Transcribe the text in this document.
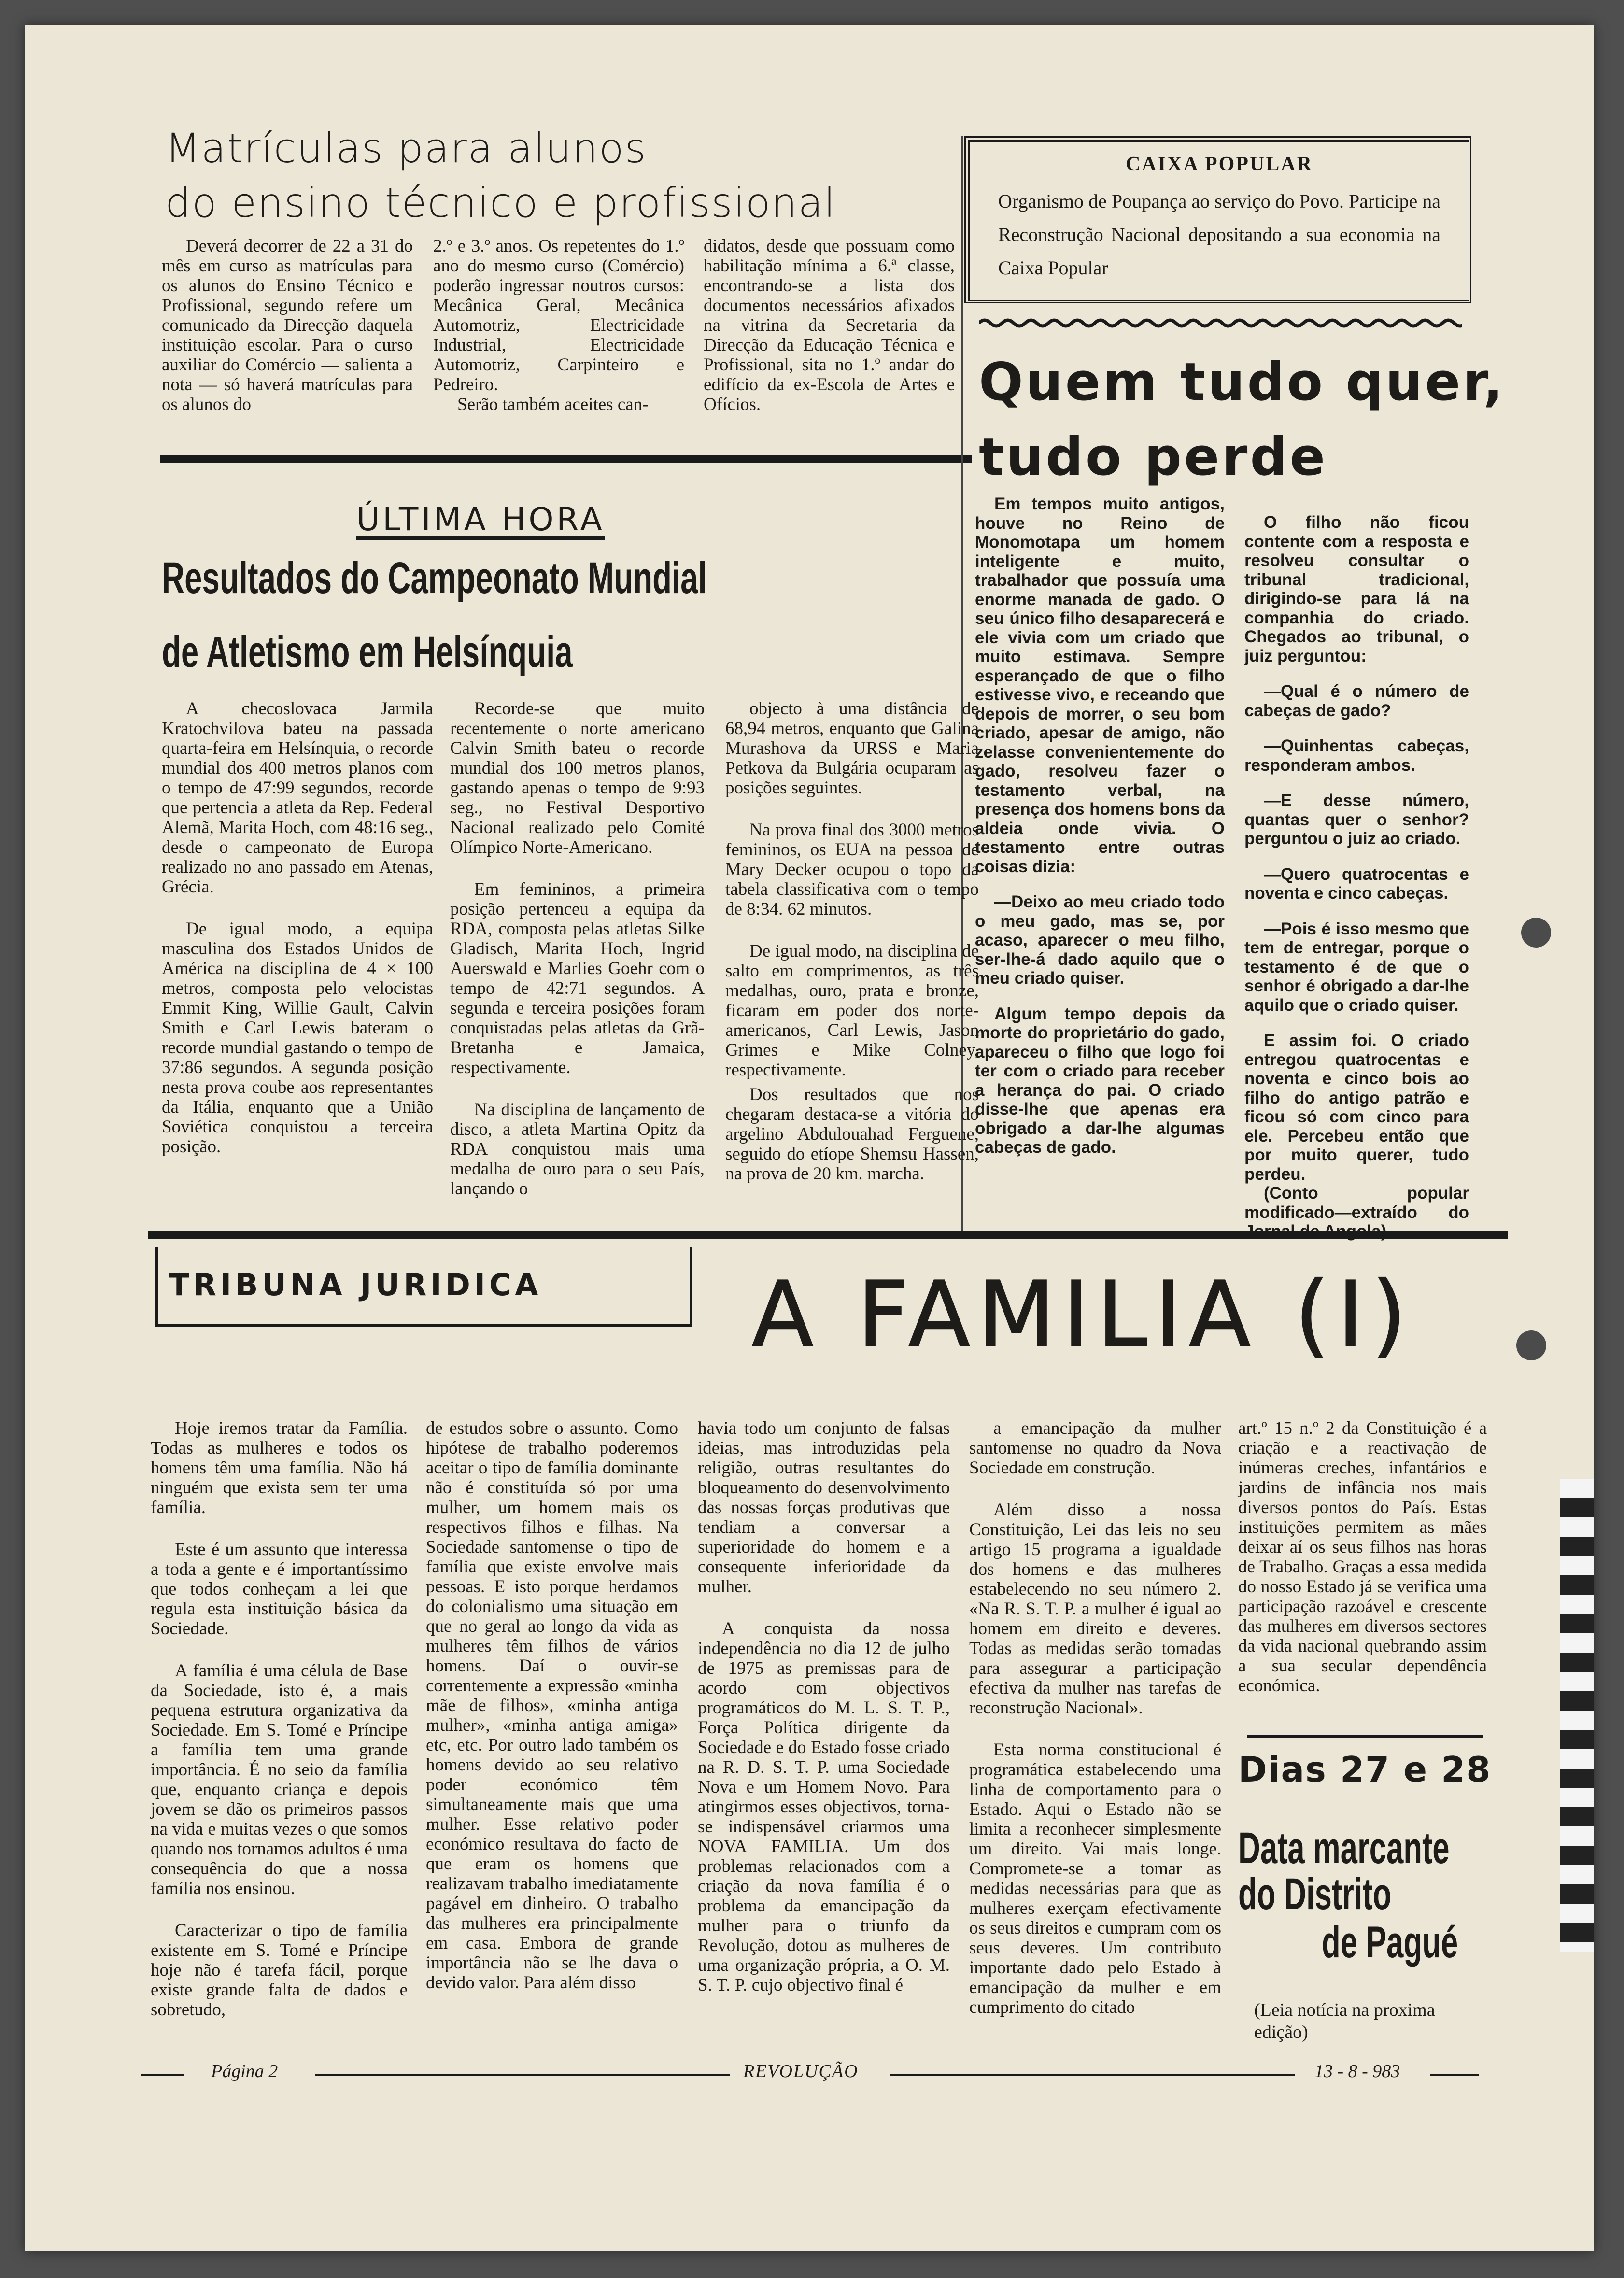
Matrículas para alunos
do ensino técnico e profissional
Deverá decorrer de 22 a 31 do mês em curso as matrículas para os alunos do Ensino Técnico e Profissional, segundo refere um comunicado da Direcção daquela instituição escolar. Para o curso auxiliar do Comércio — salienta a nota — só haverá matrículas para os alunos do
2.º e 3.º anos. Os repetentes do 1.º ano do mesmo curso (Comércio) poderão ingressar noutros cursos: Mecânica Geral, Mecânica Automotriz, Electricidade Industrial, Electricidade Automotriz, Carpinteiro e Pedreiro.
Serão também aceites can-
didatos, desde que possuam como habilitação mínima a 6.ª classe, encontrando-se a lista dos documentos necessários afixados na vitrina da Secretaria da Direcção da Educação Técnica e Profissional, sita no 1.º andar do edifício da ex-Escola de Artes e Ofícios.
CAIXA POPULAR
Organismo de Poupança ao serviço do Povo. Participe na Reconstrução Nacional depositando a sua economia na Caixa Popular
Quem tudo quer,
tudo perde

Em tempos muito antigos, houve no Reino de Monomotapa um homem inteligente e muito, trabalhador que possuía uma enorme manada de gado. O seu único filho desaparecerá e ele vivia com um criado que muito estimava. Sempre esperançado de que o filho estivesse vivo, e receando que depois de morrer, o seu bom criado, apesar de amigo, não zelasse convenientemente do gado, resolveu fazer o testamento verbal, na presença dos homens bons da aldeia onde vivia. O testamento entre outras coisas dizia:

—Deixo ao meu criado todo o meu gado, mas se, por acaso, aparecer o meu filho, ser-lhe-á dado aquilo que o meu criado quiser.

Algum tempo depois da morte do proprietário do gado, apareceu o filho que logo foi ter com o criado para receber a herança do pai. O criado disse-lhe que apenas era obrigado a dar-lhe algumas cabeças de gado.

O filho não ficou contente com a resposta e resolveu consultar o tribunal tradicional, dirigindo-se para lá na companhia do criado. Chegados ao tribunal, o juiz perguntou:

—Qual é o número de cabeças de gado?

—Quinhentas cabeças, responderam ambos.

—E desse número, quantas quer o senhor? perguntou o juiz ao criado.

—Quero quatrocentas e noventa e cinco cabeças.

—Pois é isso mesmo que tem de entregar, porque o testamento é de que o senhor é obrigado a dar-lhe aquilo que o criado quiser.

E assim foi. O criado entregou quatrocentas e noventa e cinco bois ao filho do antigo patrão e ficou só com cinco para ele. Percebeu então que por muito querer, tudo perdeu.

(Conto popular modificado—extraído do

ÚLTIMA HORA
Resultados do Campeonato Mundial
de Atletismo em Helsínquia

A checoslovaca Jarmila Kratochvilova bateu na passada quarta-feira em Helsínquia, o recorde mundial dos 400 metros planos com o tempo de 47:99 segundos, recorde que pertencia a atleta da Rep. Federal Alemã, Marita Hoch, com 48:16 seg., desde o campeonato de Europa realizado no ano passado em Atenas, Grécia.

De igual modo, a equipa masculina dos Estados Unidos de América na disciplina de 4 × 100 metros, composta pelo velocistas Emmit King, Willie Gault, Calvin Smith e Carl Lewis bateram o recorde mundial gastando o tempo de 37:86 segundos. A segunda posição nesta prova coube aos representantes da Itália, enquanto que a União Soviética conquistou a terceira posição.

Recorde-se que muito recentemente o norte americano Calvin Smith bateu o recorde mundial dos 100 metros planos, gastando apenas o tempo de 9:93 seg., no Festival Desportivo Nacional realizado pelo Comité Olímpico Norte-Americano.

Em femininos, a primeira posição pertenceu a equipa da RDA, composta pelas atletas Silke Gladisch, Marita Hoch, Ingrid Auerswald e Marlies Goehr com o tempo de 42:71 segundos. A segunda e terceira posições foram conquistadas pelas atletas da Grã-Bretanha e Jamaica, respectivamente.

Na disciplina de lançamento de disco, a atleta Martina Opitz da RDA conquistou mais uma medalha de ouro para o seu País, lançando o

objecto à uma distância de 68,94 metros, enquanto que Galina Murashova da URSS e Maria Petkova da Bulgária ocuparam as posições seguintes.

Na prova final dos 3000 metros femininos, os EUA na pessoa de Mary Decker ocupou o topo da tabela classificativa com o tempo de 8:34. 62 minutos.

De igual modo, na disciplina de salto em comprimentos, as três medalhas, ouro, prata e bronze, ficaram em poder dos norte-americanos, Carl Lewis, Jason Grimes e Mike Colney, respectivamente.

Dos resultados que nos chegaram destaca-se a vitória do argelino Abdulouahad Ferguene, seguido do etíope Shemsu Hassen, na prova de 20 km. marcha.

TRIBUNA JURIDICA	A FAMILIA (I)

Hoje iremos tratar da Família. Todas as mulheres e todos os homens têm uma família. Não há ninguém que exista sem ter uma família.

Este é um assunto que interessa a toda a gente e é importantíssimo que todos conheçam a lei que regula esta instituição básica da Sociedade.

A família é uma célula de Base da Sociedade, isto é, a mais pequena estrutura organizativa da Sociedade. Em S. Tomé e Príncipe a família tem uma grande importância. É no seio da família que, enquanto criança e depois jovem se dão os primeiros passos na vida e muitas vezes o que somos quando nos tornamos adultos é uma consequência do que a nossa família nos ensinou.

Caracterizar o tipo de família existente em S. Tomé e Príncipe hoje não é tarefa fácil, porque existe grande falta de dados e sobretudo,

de estudos sobre o assunto. Como hipótese de trabalho poderemos aceitar o tipo de família dominante não é constituída só por uma mulher, um homem mais os respectivos filhos e filhas. Na Sociedade santomense o tipo de família que existe envolve mais pessoas. E isto porque herdamos do colonialismo uma situação em que no geral ao longo da vida as mulheres têm filhos de vários homens. Daí o ouvir-se correntemente a expressão «minha mãe de filhos», «minha antiga mulher», «minha antiga amiga» etc, etc. Por outro lado também os homens devido ao seu relativo poder económico têm simultaneamente mais que uma mulher. Esse relativo poder económico resultava do facto de que eram os homens que realizavam trabalho imediatamente pagável em dinheiro. O trabalho das mulheres era principalmente em casa. Embora de grande importância não se lhe dava o devido valor. Para além disso

havia todo um conjunto de falsas ideias, mas introduzidas pela religião, outras resultantes do bloqueamento do desenvolvimento das nossas forças produtivas que tendiam a conversar a superioridade do homem e a consequente inferioridade da mulher.

A conquista da nossa independência no dia 12 de julho de 1975 as premissas para de acordo com objectivos programáticos do M. L. S. T. P., Força Política dirigente da Sociedade e do Estado fosse criado na R. D. S. T. P. uma Sociedade Nova e um Homem Novo. Para atingirmos esses objectivos, torna-se indispensável criarmos uma NOVA FAMILIA. Um dos problemas relacionados com a criação da nova família é o problema da emancipação da mulher para o triunfo da Revolução, dotou as mulheres de uma organização própria, a O. M. S. T. P. cujo objectivo final é

a emancipação da mulher santomense no quadro da Nova Sociedade em construção.

Além disso a nossa Constituição, Lei das leis no seu artigo 15 programa a igualdade dos homens e das mulheres estabelecendo no seu número 2. «Na R. S. T. P. a mulher é igual ao homem em direito e deveres. Todas as medidas serão tomadas para assegurar a participação efectiva da mulher nas tarefas de reconstrução Nacional».

Esta norma constitucional é programática estabelecendo uma linha de comportamento para o Estado. Aqui o Estado não se limita a reconhecer simplesmente um direito. Vai mais longe. Compromete-se a tomar as medidas necessárias para que as mulheres exerçam efectivamente os seus direitos e cumpram com os seus deveres. Um contributo importante dado pelo Estado à emancipação da mulher e em cumprimento do citado

art.º 15 n.º 2 da Constituição é a criação e a reactivação de inúmeras creches, infantários e jardins de infância nos mais diversos pontos do País. Estas instituições permitem as mães deixar aí os seus filhos nas horas de Trabalho. Graças a essa medida do nosso Estado já se verifica uma participação razoável e crescente das mulheres em diversos sectores da vida nacional quebrando assim a sua secular dependência económica.
Dias 27 e 28
Data marcante
do Distrito
de Pagué
(Leia notícia na proxima edição)
Página 2	REVOLUÇÃO	13 - 8 - 983
